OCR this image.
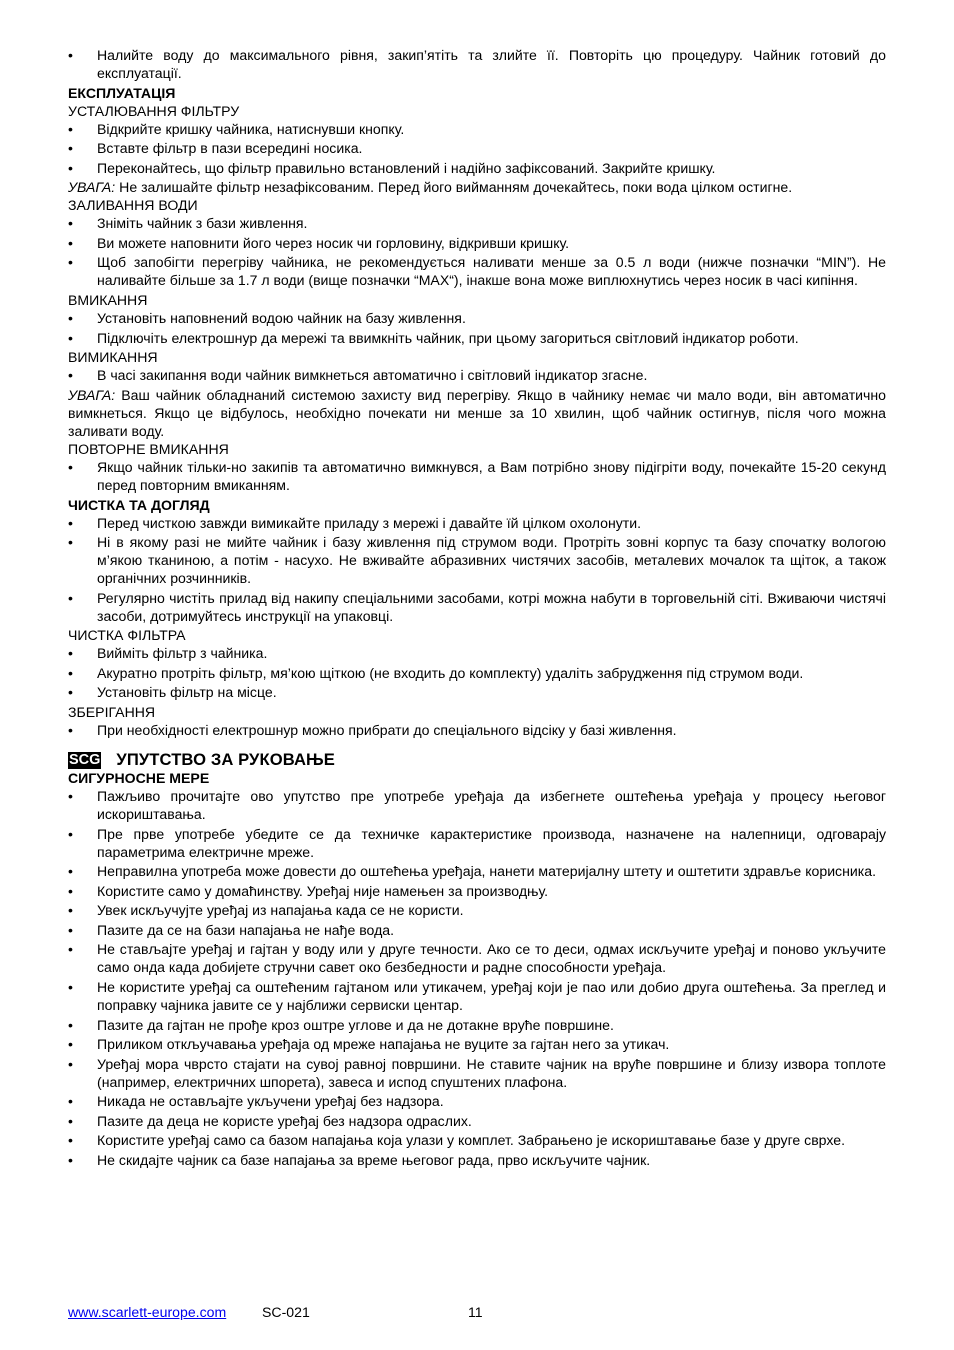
• Налийте воду до максимального рівня, закип’ятіть та злийте її. Повторіть цю процедуру. Чайник готовий до експлуатації.

ЕКСПЛУАТАЦІЯ

УСТАЛЮВАННЯ ФІЛЬТРУ

• Відкрийте кришку чайника, натиснувши кнопку.
• Вставте фільтр в пази всередині носика.
• Переконайтесь, що фільтр правильно встановлений і надійно зафіксований. Закрийте кришку.

УВАГА: Не залишайте фільтр незафіксованим. Перед його вийманням дочекайтесь, поки вода цілком остигне.

ЗАЛИВАННЯ ВОДИ

• Зніміть чайник з бази живлення.
• Ви можете наповнити його через носик чи горловину, відкривши кришку.
• Щоб запобігти перегріву чайника, не рекомендується наливати менше за 0.5 л води (нижче позначки “MIN”). Не наливайте більше за 1.7 л води (вище позначки “MAX“), інакше вона може виплюхнутись через носик в часі кипіння.

ВМИКАННЯ

• Установіть наповнений водою чайник на базу живлення.
• Підключіть електрошнур да мережі та ввимкніть чайник, при цьому загориться світловий індикатор роботи.

ВИМИКАННЯ

• В часі закипання води чайник вимкнеться автоматично і світловий індикатор згасне.

УВАГА: Ваш чайник обладнаний системою захисту вид перегріву. Якщо в чайнику немає чи мало води, він автоматично вимкнеться. Якщо це відбулось, необхідно почекати ни менше за 10 хвилин, щоб чайник остигнув, після чого можна заливати воду.

ПОВТОРНЕ ВМИКАННЯ

• Якщо чайник тільки-но закипів та автоматично вимкнувся, а Вам потрібно знову підігріти воду, почекайте 15-20 секунд перед повторним вмиканням.

ЧИСТКА ТА ДОГЛЯД

• Перед чисткою завжди вимикайте приладу з мережі і давайте їй цілком охолонути.
• Ні в якому разі не мийте чайник і базу живлення під струмом води. Протріть зовні корпус та базу спочатку вологою м’якою тканиною, а потім - насухо. Не вживайте абразивних чистячих засобів, металевих мочалок та щіток, а також органічних розчинників.
• Регулярно чистіть прилад від накипу спеціальними засобами, котрі можна набути в торговельній сіті. Вживаючи чистячі засоби, дотримуйтесь инструкції на упаковці.

ЧИСТКА ФІЛЬТРА

• Вийміть фільтр з чайника.
• Акуратно протріть фільтр, мя’кою щіткою (не входить до комплекту) удаліть забрудження під струмом води.
• Установіть фільтр на місце.

ЗБЕРІГАННЯ

• При необхідності електрошнур можно прибрати до спеціального відсіку у базі живлення.
SCG УПУТСТВО ЗА РУКОВАЊЕ

СИГУРНОСНЕ МЕРЕ

• Пажљиво прочитајте ово упутство пре употребе уређаја да избегнете оштећења уређаја у процесу његовог искориштавања.
• Пре прве употребе убедите се да техничке карактеристике производа, назначене на налепници, одговарају параметрима електричне мреже.
• Неправилна употреба може довести до оштећења уређаја, нанети материјалну штету и оштетити здравље корисника.
• Користите само у домаћинству. Уређај није намењен за производњу.
• Увек искључујте уређај из напајања када се не користи.
• Пазите да се на бази напајања не нађе вода.
• Не стављајте уређај и гајтан у воду или у друге течности. Ако се то деси, одмах искључите уређај и поново укључите само онда када добијете стручни савет око безбедности и радне способности уређаја.
• Не користите уређај са оштећеним гајтаном или утикачем, уређај који је пао или добио друга оштећења. За преглед и поправку чајника јавите се у најближи сервиски центар.
• Пазите да гајтан не прође кроз оштре углове и да не дотакне вруће површине.
• Приликом откључавања уређаја од мреже напајања не вуците за гајтан него за утикач.
• Уређај мора чврсто стајати на сувој равној површини. Не ставите чајник на вруће површине и близу извора топлоте (например, електричних шпорета), завеса и испод спуштених плафона.
• Никада не остављајте укључени уређај без надзора.
• Пазите да деца не користе уређај без надзора одраслих.
• Користите уређај само са базом напајања која улази у комплет. Забрањено је искориштавање базе у друге сврхе.
• Не скидајте чајник са базе напајања за време његовог рада, прво искључите чајник.
www.scarlett-europe.com	SC-021	11
